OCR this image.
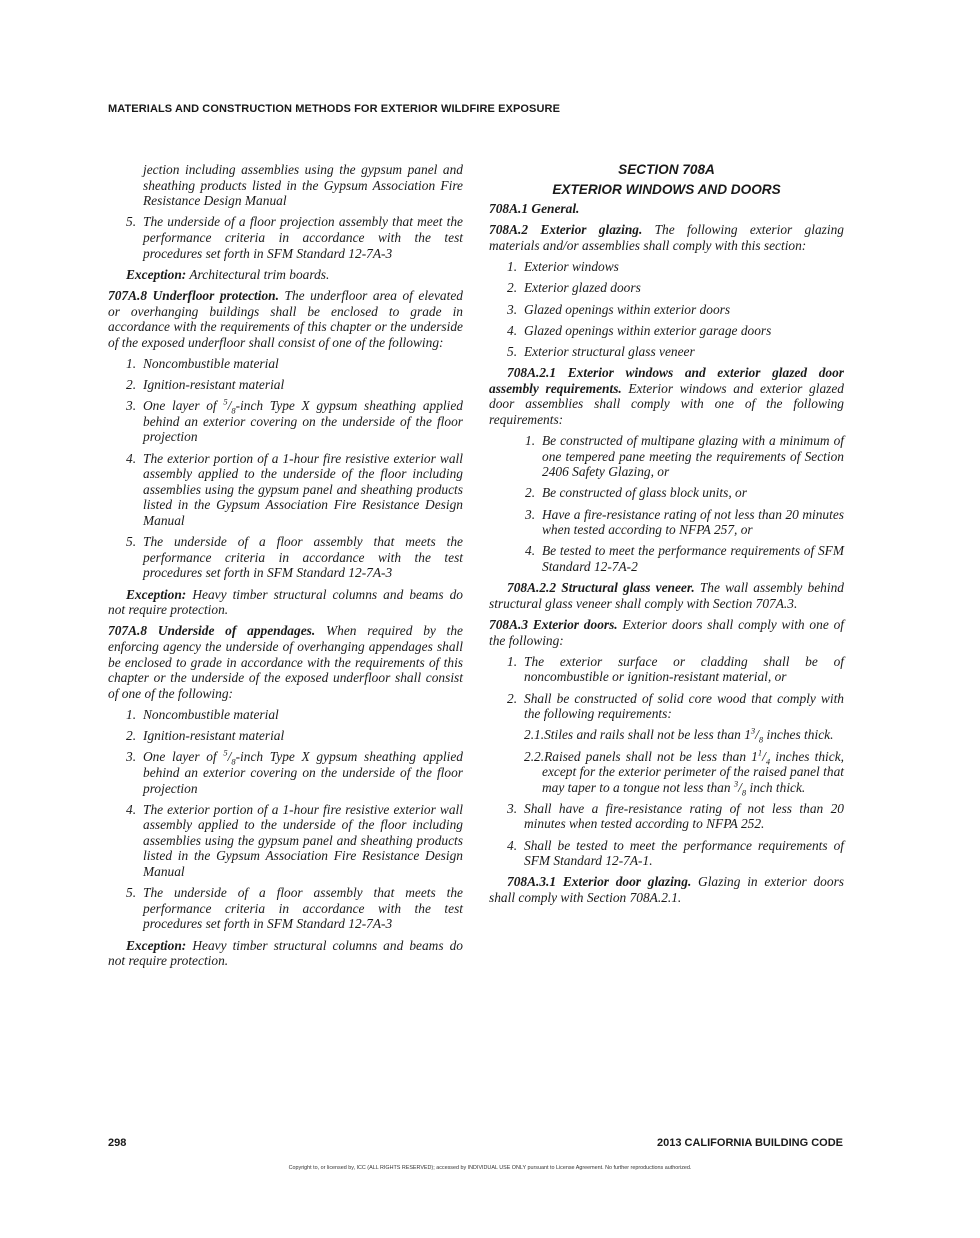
MATERIALS AND CONSTRUCTION METHODS FOR EXTERIOR WILDFIRE EXPOSURE
jection including assemblies using the gypsum panel and sheathing products listed in the Gypsum Association Fire Resistance Design Manual
5. The underside of a floor projection assembly that meet the performance criteria in accordance with the test procedures set forth in SFM Standard 12-7A-3
Exception: Architectural trim boards.
707A.8 Underfloor protection. The underfloor area of elevated or overhanging buildings shall be enclosed to grade in accordance with the requirements of this chapter or the underside of the exposed underfloor shall consist of one of the following:
1. Noncombustible material
2. Ignition-resistant material
3. One layer of $^5/_8$-inch Type X gypsum sheathing applied behind an exterior covering on the underside of the floor projection
4. The exterior portion of a 1-hour fire resistive exterior wall assembly applied to the underside of the floor including assemblies using the gypsum panel and sheathing products listed in the Gypsum Association Fire Resistance Design Manual
5. The underside of a floor assembly that meets the performance criteria in accordance with the test procedures set forth in SFM Standard 12-7A-3
Exception: Heavy timber structural columns and beams do not require protection.
707A.8 Underside of appendages. When required by the enforcing agency the underside of overhanging appendages shall be enclosed to grade in accordance with the requirements of this chapter or the underside of the exposed underfloor shall consist of one of the following:
1. Noncombustible material
2. Ignition-resistant material
3. One layer of $^5/_8$-inch Type X gypsum sheathing applied behind an exterior covering on the underside of the floor projection
4. The exterior portion of a 1-hour fire resistive exterior wall assembly applied to the underside of the floor including assemblies using the gypsum panel and sheathing products listed in the Gypsum Association Fire Resistance Design Manual
5. The underside of a floor assembly that meets the performance criteria in accordance with the test procedures set forth in SFM Standard 12-7A-3
Exception: Heavy timber structural columns and beams do not require protection.
SECTION 708A
EXTERIOR WINDOWS AND DOORS
708A.1 General.
708A.2 Exterior glazing. The following exterior glazing materials and/or assemblies shall comply with this section:
1. Exterior windows
2. Exterior glazed doors
3. Glazed openings within exterior doors
4. Glazed openings within exterior garage doors
5. Exterior structural glass veneer
708A.2.1 Exterior windows and exterior glazed door assembly requirements. Exterior windows and exterior glazed door assemblies shall comply with one of the following requirements:
1. Be constructed of multipane glazing with a minimum of one tempered pane meeting the requirements of Section 2406 Safety Glazing, or
2. Be constructed of glass block units, or
3. Have a fire-resistance rating of not less than 20 minutes when tested according to NFPA 257, or
4. Be tested to meet the performance requirements of SFM Standard 12-7A-2
708A.2.2 Structural glass veneer. The wall assembly behind structural glass veneer shall comply with Section 707A.3.
708A.3 Exterior doors. Exterior doors shall comply with one of the following:
1. The exterior surface or cladding shall be of noncombustible or ignition-resistant material, or
2. Shall be constructed of solid core wood that comply with the following requirements:
2.1.Stiles and rails shall not be less than $1^3/_8$ inches thick.
2.2.Raised panels shall not be less than $1^1/_4$ inches thick, except for the exterior perimeter of the raised panel that may taper to a tongue not less than $^3/_8$ inch thick.
3. Shall have a fire-resistance rating of not less than 20 minutes when tested according to NFPA 252.
4. Shall be tested to meet the performance requirements of SFM Standard 12-7A-1.
708A.3.1 Exterior door glazing. Glazing in exterior doors shall comply with Section 708A.2.1.
298	2013 CALIFORNIA BUILDING CODE
Copyright to, or licensed by, ICC (ALL RIGHTS RESERVED); accessed by INDIVIDUAL USE ONLY pursuant to License Agreement. No further reproductions authorized.
